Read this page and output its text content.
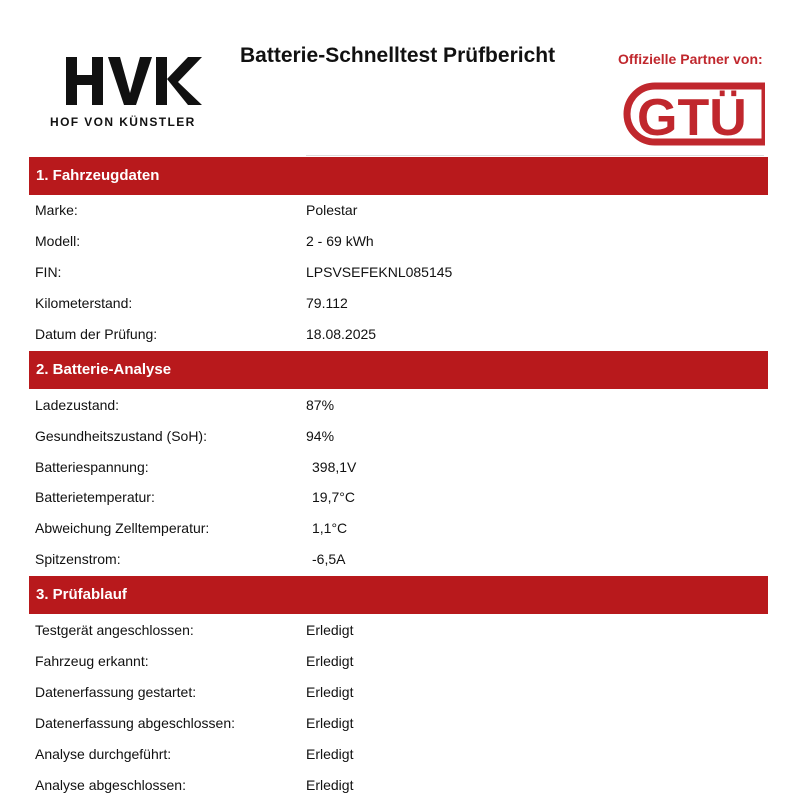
HOF VON KÜNSTLER
Batterie-Schnelltest Prüfbericht	Offizielle Partner von:
GTÜ
1. Fahrzeugdaten
Marke:	Polestar
Modell:	2 - 69 kWh
FIN:	LPSVSEFEKNL085145
Kilometerstand:	79.112
Datum der Prüfung:	18.08.2025
2. Batterie-Analyse
Ladezustand:	87%
Gesundheitszustand (SoH):	94%
Batteriespannung:	398,1V
Batterietemperatur:	19,7°C
Abweichung Zelltemperatur:	1,1°C
Spitzenstrom:	-6,5A
3. Prüfablauf
Testgerät angeschlossen:	Erledigt
Fahrzeug erkannt:	Erledigt
Datenerfassung gestartet:	Erledigt
Datenerfassung abgeschlossen:	Erledigt
Analyse durchgeführt:	Erledigt
Analyse abgeschlossen:	Erledigt
